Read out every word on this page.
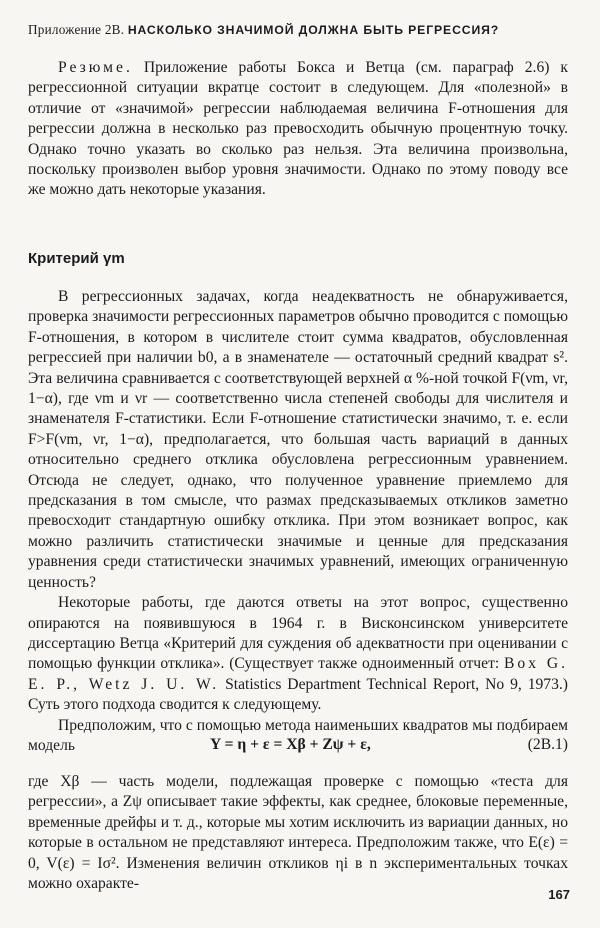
Приложение 2В. НАСКОЛЬКО ЗНАЧИМОЙ ДОЛЖНА БЫТЬ РЕГРЕССИЯ?

Резюме. Приложение работы Бокса и Ветца (см. параграф 2.6) к регрессионной ситуации вкратце состоит в следующем. Для «полезной» в отличие от «значимой» регрессии наблюдаемая величина F-отношения для регрессии должна в несколько раз превосходить обычную процентную точку. Однако точно указать во сколько раз нельзя. Эта величина произвольна, поскольку произволен выбор уровня значимости. Однако по этому поводу все же можно дать некоторые указания.

Критерий γm

В регрессионных задачах, когда неадекватность не обнаруживается, проверка значимости регрессионных параметров обычно проводится с помощью F-отношения, в котором в числителе стоит сумма квадратов, обусловленная регрессией при наличии b0, а в знаменателе — остаточный средний квадрат s². Эта величина сравнивается с соответствующей верхней α %-ной точкой F(νm, νr, 1−α), где νm и νr — соответственно числа степеней свободы для числителя и знаменателя F-статистики. Если F-отношение статистически значимо, т. е. если F>F(νm, νr, 1−α), предполагается, что большая часть вариаций в данных относительно среднего отклика обусловлена регрессионным уравнением. Отсюда не следует, однако, что полученное уравнение приемлемо для предсказания в том смысле, что размах предсказываемых откликов заметно превосходит стандартную ошибку отклика. При этом возникает вопрос, как можно различить статистически значимые и ценные для предсказания уравнения среди статистически значимых уравнений, имеющих ограниченную ценность?

Некоторые работы, где даются ответы на этот вопрос, существенно опираются на появившуюся в 1964 г. в Висконсинском университете диссертацию Ветца «Критерий для суждения об адекватности при оценивании с помощью функции отклика». (Существует также одноименный отчет: Box G. E. P., Wetz J. U. W. Statistics Department Technical Report, No 9, 1973.) Суть этого подхода сводится к следующему.

Предположим, что с помощью метода наименьших квадратов мы подбираем модель	Y = η + ε = Xβ + Zψ + ε,	(2B.1)

где Xβ — часть модели, подлежащая проверке с помощью «теста для регрессии», а Zψ описывает такие эффекты, как среднее, блоковые переменные, временные дрейфы и т. д., которые мы хотим исключить из вариации данных, но которые в остальном не представляют интереса. Предположим также, что E(ε) = 0, V(ε) = Iσ². Изменения величин откликов ηi в n экспериментальных точках можно охаракте-

167
